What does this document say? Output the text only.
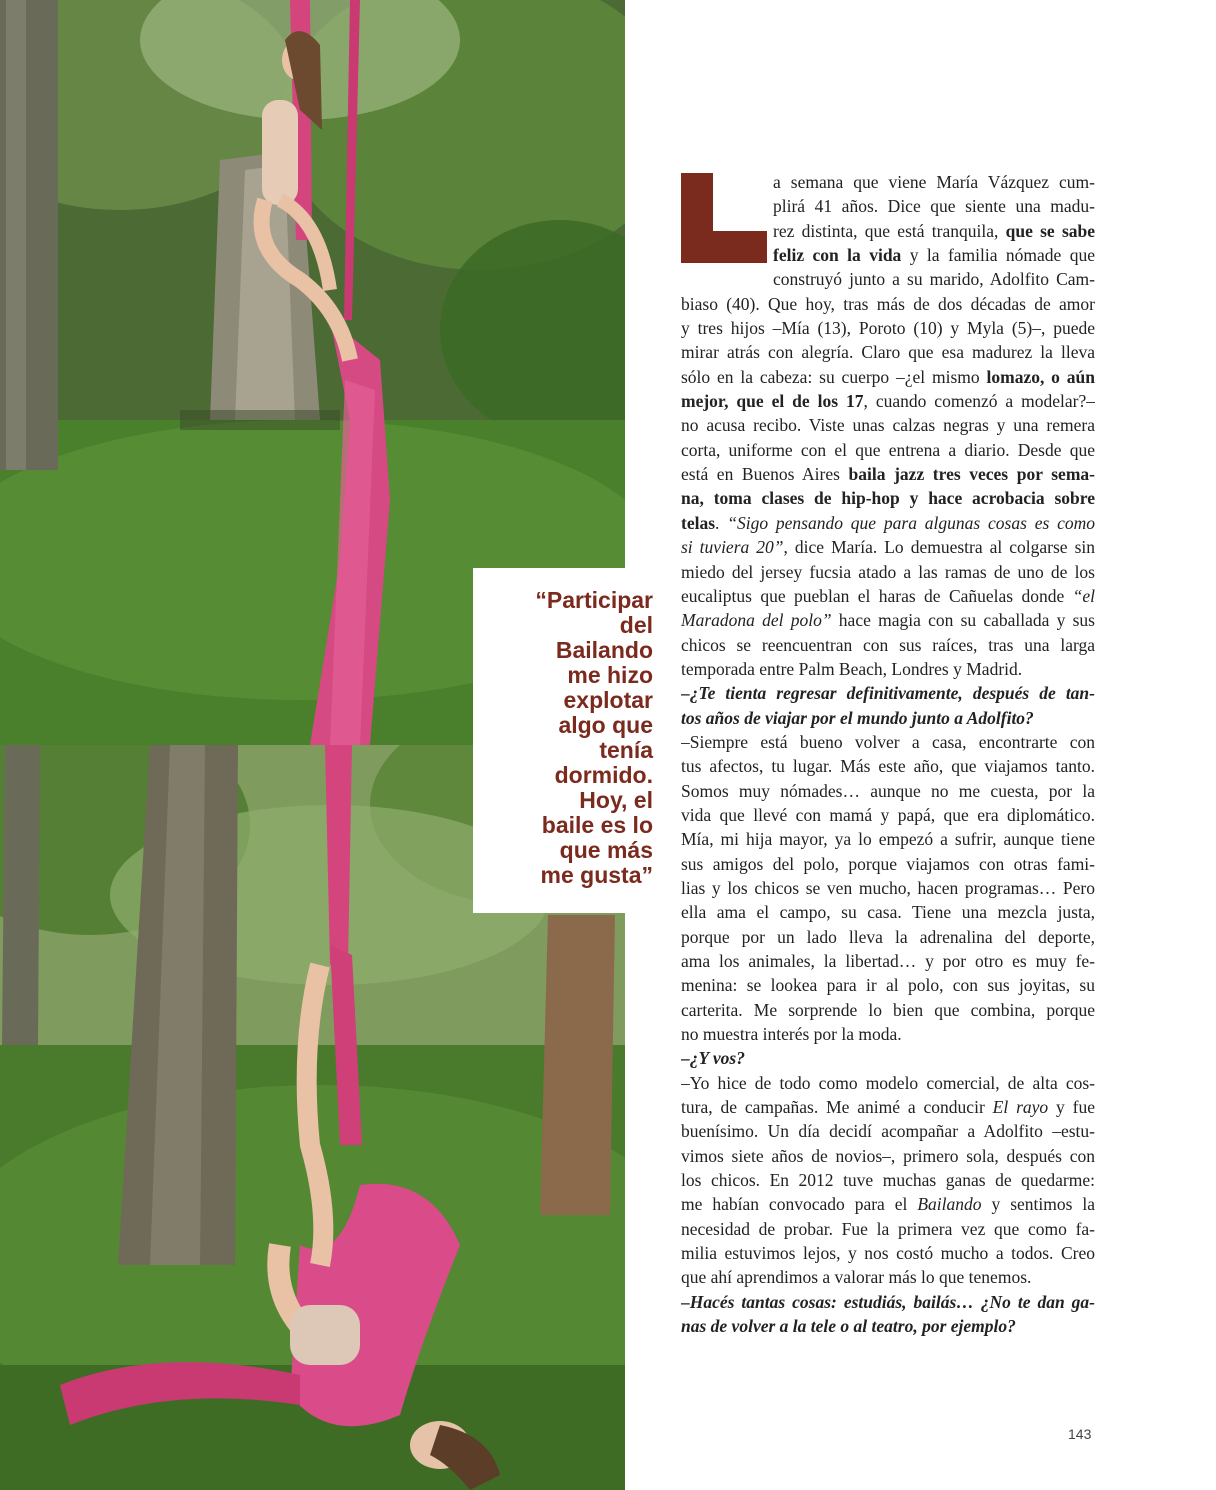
“Participar
del
Bailando
me hizo
explotar
algo que
tenía
dormido.
Hoy, el
baile es lo
que más
me gusta”

a semana que viene María Vázquez cum-
plirá 41 años. Dice que siente una madu-
rez distinta, que está tranquila, que se sabe
feliz con la vida y la familia nómade que
construyó junto a su marido, Adolfito Cam-
biaso (40). Que hoy, tras más de dos décadas de amor
y tres hijos –Mía (13), Poroto (10) y Myla (5)–, puede
mirar atrás con alegría. Claro que esa madurez la lleva
sólo en la cabeza: su cuerpo –¿el mismo lomazo, o aún
mejor, que el de los 17, cuando comenzó a modelar?–
no acusa recibo. Viste unas calzas negras y una remera
corta, uniforme con el que entrena a diario. Desde que
está en Buenos Aires baila jazz tres veces por sema-
na, toma clases de hip-hop y hace acrobacia sobre
telas. “Sigo pensando que para algunas cosas es como
si tuviera 20”, dice María. Lo demuestra al colgarse sin
miedo del jersey fucsia atado a las ramas de uno de los
eucaliptus que pueblan el haras de Cañuelas donde “el
Maradona del polo” hace magia con su caballada y sus
chicos se reencuentran con sus raíces, tras una larga
temporada entre Palm Beach, Londres y Madrid.
–¿Te tienta regresar definitivamente, después de tan-
tos años de viajar por el mundo junto a Adolfito?
–Siempre está bueno volver a casa, encontrarte con
tus afectos, tu lugar. Más este año, que viajamos tanto.
Somos muy nómades… aunque no me cuesta, por la
vida que llevé con mamá y papá, que era diplomático.
Mía, mi hija mayor, ya lo empezó a sufrir, aunque tiene
sus amigos del polo, porque viajamos con otras fami-
lias y los chicos se ven mucho, hacen programas… Pero
ella ama el campo, su casa. Tiene una mezcla justa,
porque por un lado lleva la adrenalina del deporte,
ama los animales, la libertad… y por otro es muy fe-
menina: se lookea para ir al polo, con sus joyitas, su
carterita. Me sorprende lo bien que combina, porque
no muestra interés por la moda.
–¿Y vos?
–Yo hice de todo como modelo comercial, de alta cos-
tura, de campañas. Me animé a conducir El rayo y fue
buenísimo. Un día decidí acompañar a Adolfito –estu-
vimos siete años de novios–, primero sola, después con
los chicos. En 2012 tuve muchas ganas de quedarme:
me habían convocado para el Bailando y sentimos la
necesidad de probar. Fue la primera vez que como fa-
milia estuvimos lejos, y nos costó mucho a todos. Creo
que ahí aprendimos a valorar más lo que tenemos.
–Hacés tantas cosas: estudiás, bailás… ¿No te dan ga-
nas de volver a la tele o al teatro, por ejemplo?
143
